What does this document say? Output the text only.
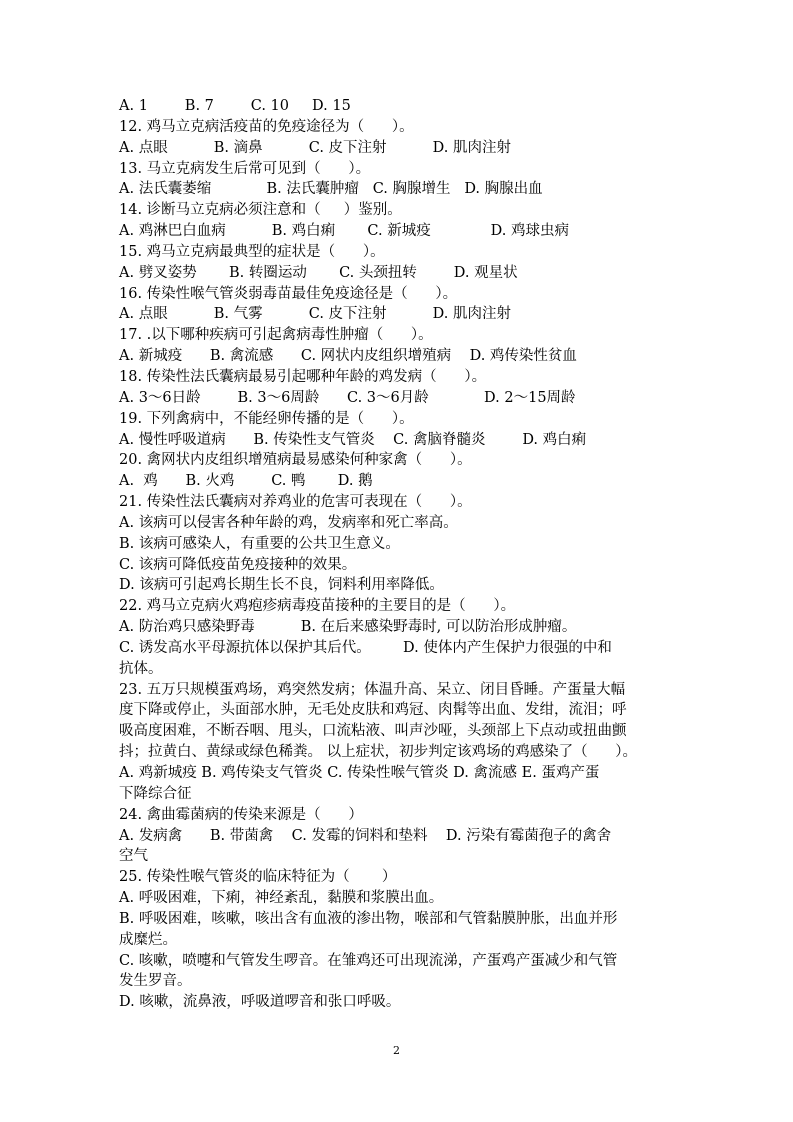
A. 1        B. 7        C. 10     D. 15
12. 鸡马立克病活疫苗的免疫途径为（      ）。
A. 点眼          B. 滴鼻          C. 皮下注射          D. 肌肉注射
13. 马立克病发生后常可见到（      ）。
A. 法氏囊萎缩            B. 法氏囊肿瘤   C. 胸腺增生   D. 胸腺出血
14. 诊断马立克病必须注意和（     ）鉴别。
A. 鸡淋巴白血病          B. 鸡白痢       C. 新城疫             D. 鸡球虫病
15. 鸡马立克病最典型的症状是（      ）。
A. 劈叉姿势       B. 转圈运动       C. 头颈扭转        D. 观星状
16. 传染性喉气管炎弱毒苗最佳免疫途径是（      ）。
A. 点眼          B. 气雾          C. 皮下注射          D. 肌肉注射
17. .以下哪种疾病可引起禽病毒性肿瘤（      ）。
A. 新城疫      B. 禽流感      C. 网状内皮组织增殖病    D. 鸡传染性贫血
18. 传染性法氏囊病最易引起哪种年龄的鸡发病（      ）。
A. 3～6日龄        B. 3～6周龄      C. 3～6月龄            D. 2～15周龄
19. 下列禽病中，不能经卵传播的是（      ）。
A. 慢性呼吸道病      B. 传染性支气管炎    C. 禽脑脊髓炎        D. 鸡白痢
20. 禽网状内皮组织增殖病最易感染何种家禽（      ）。
A.  鸡      B. 火鸡        C. 鸭       D. 鹅
21. 传染性法氏囊病对养鸡业的危害可表现在（      ）。
A. 该病可以侵害各种年龄的鸡，发病率和死亡率高。
B. 该病可感染人，有重要的公共卫生意义。
C. 该病可降低疫苗免疫接种的效果。
D. 该病可引起鸡长期生长不良，饲料利用率降低。
22. 鸡马立克病火鸡疱疹病毒疫苗接种的主要目的是（      ）。
A. 防治鸡只感染野毒          B. 在后来感染野毒时, 可以防治形成肿瘤。
C. 诱发高水平母源抗体以保护其后代。       D. 使体内产生保护力很强的中和
抗体。
23. 五万只规模蛋鸡场，鸡突然发病；体温升高、呆立、闭目昏睡。产蛋量大幅
度下降或停止，头面部水肿，无毛处皮肤和鸡冠、肉髯等出血、发绀，流泪；呼
吸高度困难，不断吞咽、甩头，口流粘液、叫声沙哑，头颈部上下点动或扭曲颤
抖；拉黄白、黄绿或绿色稀粪。 以上症状，初步判定该鸡场的鸡感染了（      ）。
A. 鸡新城疫 B. 鸡传染支气管炎 C. 传染性喉气管炎 D. 禽流感 E. 蛋鸡产蛋
下降综合征
24. 禽曲霉菌病的传染来源是（      ）
A. 发病禽      B. 带菌禽    C. 发霉的饲料和垫料    D. 污染有霉菌孢子的禽舍
空气
25. 传染性喉气管炎的临床特征为（       ）
A. 呼吸困难，下痢，神经紊乱，黏膜和浆膜出血。
B. 呼吸困难，咳嗽，咳出含有血液的渗出物，喉部和气管黏膜肿胀，出血并形
成糜烂。
C. 咳嗽，喷嚏和气管发生啰音。在雏鸡还可出现流涕，产蛋鸡产蛋减少和气管
发生罗音。
D. 咳嗽，流鼻液，呼吸道啰音和张口呼吸。
2
